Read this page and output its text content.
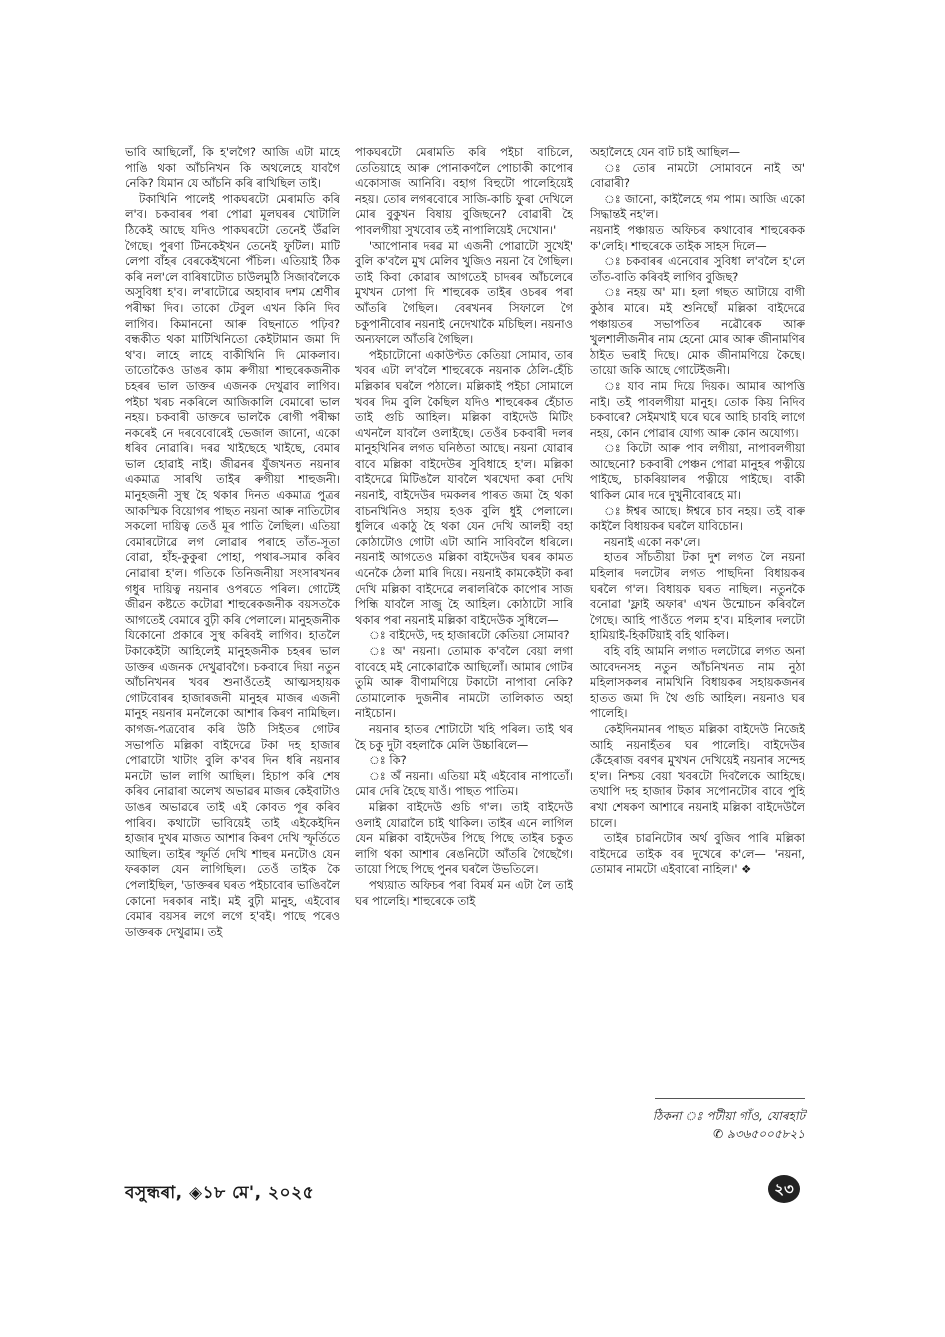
ভাবি আছিলোঁ, কি হ'লগৈ? আজি এটা মাহে পাঙি থকা আঁচনিখন কি অথলেহে যাবগৈ নেকি? যিমান যে আঁচনি কৰি ৰাখিছিল তাই।

টকাখিনি পালেই পাকঘৰটো মেৰামতি কৰি ল'ব। চকবাৰৰ পৰা পোৱা মূলঘৰৰ খোটালি ঠিকেই আছে যদিও পাকঘৰটো তেনেই উঁৱলি গৈছে। পুৰণা টিনকেইখন তেনেই ফুটিল। মাটি লেপা বাঁহৰ বেৰকেইখনো পঁচিল। এতিয়াই ঠিক কৰি নল'লে বাৰিষাটোত চাউলমুঠি সিজাবলৈকে অসুবিধা হ'ব। ল'ৰাটোৱে অহাবাৰ দশম শ্ৰেণীৰ পৰীক্ষা দিব। তাকো টেবুল এখন কিনি দিব লাগিব। কিমাননো আৰু বিছনাতে পঢ়িব? বন্ধকীত থকা মাটিখিনিতো কেইটামান জমা দি থ'ব। লাহে লাহে বাকীখিনি দি মোকলাব। তাতোকৈও ডাঙৰ কাম ৰুগীয়া শাহুৰেকজনীক চহৰৰ ভাল ডাক্তৰ এজনক দেখুৱাব লাগিব। পইচা খৰচ নকৰিলে আজিকালি বেমাৰো ভাল নহয়। চকবাৰী ডাক্তৰে ভালকৈ ৰোগী পৰীক্ষা নকৰেই নে দৰবেবোৰেই ভেজাল জানো, একো ধৰিব নোৱাৰি। দৰৱ খাইছেহে খাইছে, বেমাৰ ভাল হোৱাই নাই। জীৱনৰ যুঁজখনত নয়নাৰ একমাত্ৰ সাৰথি তাইৰ ৰুগীয়া শাহুজনী। মানুহজনী সুস্থ হৈ থকাৰ দিনত একমাত্ৰ পুত্ৰৰ আকস্মিক বিয়োগৰ পাছত নয়না আৰু নাতিটোৰ সকলো দায়িত্ব তেওঁ মূৰ পাতি লৈছিল। এতিয়া বেমাৰটোৱে লগ লোৱাৰ পৰাহে তাঁত-সূতা বোৱা, হাঁহ-কুকুৰা পোহা, পথাৰ-সমাৰ কৰিব নোৱাৰা হ'ল। গতিকে তিনিজনীয়া সংসাৰখনৰ গধুৰ দায়িত্ব নয়নাৰ ওপৰতে পৰিল। গোটেই জীৱন কষ্টতে কটোৱা শাহুৰেকজনীক বয়সতকৈ আগতেই বেমাৰে বুঢ়ী কৰি পেলালে। মানুহজনীক যিকোনো প্ৰকাৰে সুস্থ কৰিবই লাগিব। হাতলৈ টকাকেইটা আহিলেই মানুহজনীক চহৰৰ ভাল ডাক্তৰ এজনক দেখুৱাবগৈ। চকবাৰে দিয়া নতুন আঁচনিখনৰ খবৰ শুনাওঁতেই আত্মসহায়ক গোটবোৰৰ হাজাৰজনী মানুহৰ মাজৰ এজনী মানুহ নয়নাৰ মনলৈকো আশাৰ কিৰণ নামিছিল। কাগজ-পত্ৰবোৰ কৰি উঠি সিইতৰ গোটৰ সভাপতি মল্লিকা বাইদেৱে টকা দহ হাজাৰ পোৱাটো খাটাং বুলি ক'বৰ দিন ধৰি নয়নাৰ মনটো ভাল লাগি আছিল। হিচাপ কৰি শেষ কৰিব নোৱাৰা অলেখ অভাৱৰ মাজৰ কেইবাটাও ডাঙৰ অভাৱৰে তাই এই কোবত পূৰ কৰিব পাৰিব। কথাটো ভাবিয়েই তাই এইকেইদিন হাজাৰ দুখৰ মাজত আশাৰ কিৰণ দেখি স্ফূৰ্তিতে আছিল। তাইৰ স্ফূৰ্তি দেখি শাহুৰ মনটোও যেন ফৰকাল যেন লাগিছিল। তেওঁ তাইক কৈ পেলাইছিল, 'ডাক্তৰৰ ঘৰত পইচাবোৰ ভাঙিবলৈ কোনো দৰকাৰ নাই। মই বুঢ়ী মানুহ, এইবোৰ বেমাৰ বয়সৰ লগে লগে হ'বই। পাছে পৰেও ডাক্তৰক দেখুৱাম। তই

পাকঘৰটো মেৰামতি কৰি পইচা বাচিলে, তেতিয়াহে আৰু পোনাকণলৈ পোচাকী কাপোৰ একোসাজ আনিবি। বহাগ বিহুটো পালেহিয়েই নহয়। তোৰ লগৰবোৰে সাজি-কাচি ফুৰা দেখিলে মোৰ বুকুখন বিষায় বুজিছনে? বোৱাৰী হৈ পাবলগীয়া সুখবোৰ তই নাপালিয়েই দেখোন।'

'আপোনাৰ দৰৱ মা এজনী পোৱাটো সুখেই' বুলি ক'বলৈ মুখ মেলিব খুজিও নয়না বৈ গৈছিল। তাই কিবা কোৱাৰ আগতেই চাদৰৰ আঁচলেৰে মুখখন ঢোপা দি শাহুৰেক তাইৰ ওচৰৰ পৰা আঁতৰি গৈছিল। বেৰখনৰ সিফালে গৈ চকুপানীবোৰ নয়নাই নেদেখাকৈ মচিছিল। নয়নাও অন্যফালে আঁতৰি গৈছিল।

পইচাটোনো একাউণ্টত কেতিয়া সোমাব, তাৰ খবৰ এটা ল'বলৈ শাহুৰেকে নয়নাক ঠেলি-হেঁচি মল্লিকাৰ ঘৰলৈ পঠালে। মল্লিকাই পইচা সোমালে খবৰ দিম বুলি কৈছিল যদিও শাহুৰেকৰ হেঁচাত তাই গুচি আহিল। মল্লিকা বাইদেউ মিটিং এখনলৈ যাবলৈ ওলাইছে। তেওঁৰ চকবাৰী দলৰ মানুহখিনিৰ লগত ঘনিষ্ঠতা আছে। নয়না যোৱাৰ বাবে মল্লিকা বাইদেউৰ সুবিধাহে হ'ল। মল্লিকা বাইদেৱে মিটিঙলৈ যাবলৈ খৰখেদা কৰা দেখি নয়নাই, বাইদেউৰ দমকলৰ পাৰত জমা হৈ থকা বাচনখিনিও সহায় হওক বুলি ধুই পেলালে। ধুলিৰে একাঠু হৈ থকা যেন দেখি আলহী বহা কোঠাটোও গোটা এটা আনি সাবিবলৈ ধৰিলে। নয়নাই আগতেও মল্লিকা বাইদেউৰ ঘৰৰ কামত এনেকৈ ঠেলা মাৰি দিয়ে। নয়নাই কামকেইটা কৰা দেখি মল্লিকা বাইদেৱে লৰালৰিকৈ কাপোৰ সাজ পিন্ধি যাবলৈ সাজু হৈ আহিল। কোঠাটো সাৰি থকাৰ পৰা নয়নাই মল্লিকা বাইদেউক সুধিলে—

ঃ বাইদেউ, দহ হাজাৰটো কেতিয়া সোমাব?

ঃ অ' নয়না। তোমাক ক'বলৈ বেয়া লগা বাবেহে মই নোকোৱাকৈ আছিলোঁ। আমাৰ গোটৰ তুমি আৰু বীণামণিয়ে টকাটো নাপাবা নেকি? তোমালোক দুজনীৰ নামটো তালিকাত অহা নাইচোন।

নয়নাৰ হাতৰ শোটাটো খহি পৰিল। তাই থৰ হৈ চকু দুটা বহলাকৈ মেলি উচ্চাৰিলে—

ঃ কি?

ঃ অঁ নয়না। এতিয়া মই এইবোৰ নাপাতোঁ। মোৰ দেৰি হৈছে যাওঁ। পাছত পাতিম।

মল্লিকা বাইদেউ গুচি গ'ল। তাই বাইদেউ ওলাই যোৱালৈ চাই থাকিল। তাইৰ এনে লাগিল যেন মল্লিকা বাইদেউৰ পিছে পিছে তাইৰ চকুত লাগি থকা আশাৰ ৰেঙনিটো আঁতৰি গৈছেগৈ। তায়ো পিছে পিছে পুনৰ ঘৰলৈ উভতিলে।

পথ্যয়াত অফিচৰ পৰা বিমৰ্ষ মন এটা লৈ তাই ঘৰ পালেহি। শাহুৰেকে তাই

অহালৈহে যেন বাট চাই আছিল—

ঃ তোৰ নামটো সোমাবনে নাই অ' বোৱাৰী?

ঃ জানো, কাইলৈহে গম পাম। আজি একো সিদ্ধান্তই নহ'ল।

নয়নাই পঞ্চায়ত অফিচৰ কথাবোৰ শাহুৰেকক ক'লেহি। শাহুৰেকে তাইক সাহস দিলে—

ঃ চকবাৰৰ এনেবোৰ সুবিধা ল'বলৈ হ'লে তাঁত-বাতি কৰিবই লাগিব বুজিছ?

ঃ নহয় অ' মা। হলা গছত আটায়ে বাগী কুঠাৰ মাৰে। মই শুনিছোঁ মল্লিকা বাইদেৱে পঞ্চায়তৰ সভাপতিৰ নৱৌৰেক আৰু খুলশালীজনীৰ নাম হেনো মোৰ আৰু জীনামণিৰ ঠাইত ভৰাই দিছে। মোক জীনামণিয়ে কৈছে। তায়ো জকি আছে গোটেইজনী।

ঃ যাব নাম দিয়ে দিয়ক। আমাৰ আপত্তি নাই। তই পাবলগীয়া মানুহ। তোক কিয় নিদিব চকবাৰে? সেইমখাই ঘৰে ঘৰে আহি চাবহি লাগে নহয়, কোন পোৱাৰ যোগ্য আৰু কোন অযোগ্য।

ঃ কিটো আৰু পাব লগীয়া, নাপাবলগীয়া আছেনো? চকবাৰী পেঞ্চন পোৱা মানুহৰ পত্নীয়ে পাইছে, চাকৰিয়ালৰ পত্নীয়ে পাইছে। বাকী থাকিল মোৰ দৰে দুখুনীবোৰহে মা।

ঃ ঈশ্বৰ আছে। ঈশ্বৰে চাব নহয়। তই বাৰু কাইলৈ বিধায়কৰ ঘৰলৈ যাবিচোন।

নয়নাই একো নক'লে।

হাতৰ সাঁচতীয়া টকা দুশ লগত লৈ নয়না মহিলাৰ দলটোৰ লগত পাছদিনা বিধায়কৰ ঘৰলৈ গ'ল। বিধায়ক ঘৰত নাছিল। নতুনকৈ বনোৱা 'ফ্লাই অফাৰ' এখন উন্মোচন কৰিবলৈ গৈছে। আহি পাওঁতে পলম হ'ব। মহিলাৰ দলটো হামিয়াই-হিকটিয়াই বহি থাকিল।

বহি বহি আমনি লগাত দলটোৱে লগত অনা আবেদনসহ নতুন আঁচনিখনত নাম নুঠা মহিলাসকলৰ নামখিনি বিধায়কৰ সহায়কজনৰ হাতত জমা দি থৈ গুচি আহিল। নয়নাও ঘৰ পালেহি।

কেইদিনমানৰ পাছত মল্লিকা বাইদেউ নিজেই আহি নয়নাহঁতৰ ঘৰ পালেহি। বাইদেউৰ কেঁহেৰাজ বৰণৰ মুখখন দেখিয়েই নয়নাৰ সন্দেহ হ'ল। নিশ্চয় বেয়া খবৰটো দিবলৈকে আহিছে। তথাপি দহ হাজাৰ টকাৰ সপোনটোৰ বাবে পুহি ৰখা শেষকণ আশাৰে নয়নাই মল্লিকা বাইদেউলৈ চালে।

তাইৰ চাৱনিটোৰ অৰ্থ বুজিব পাৰি মল্লিকা বাইদেৱে তাইক বৰ দুখেৰে ক'লে— 'নয়না, তোমাৰ নামটো এইবাৰো নাহিল।' ❖

ঠিকনা ঃ পটীয়া গাঁও, যোৰহাট
✆ ৯৩৬৫০০৫৮২১
বসুন্ধৰা, ◈১৮ মে', ২০২৫	২৩
